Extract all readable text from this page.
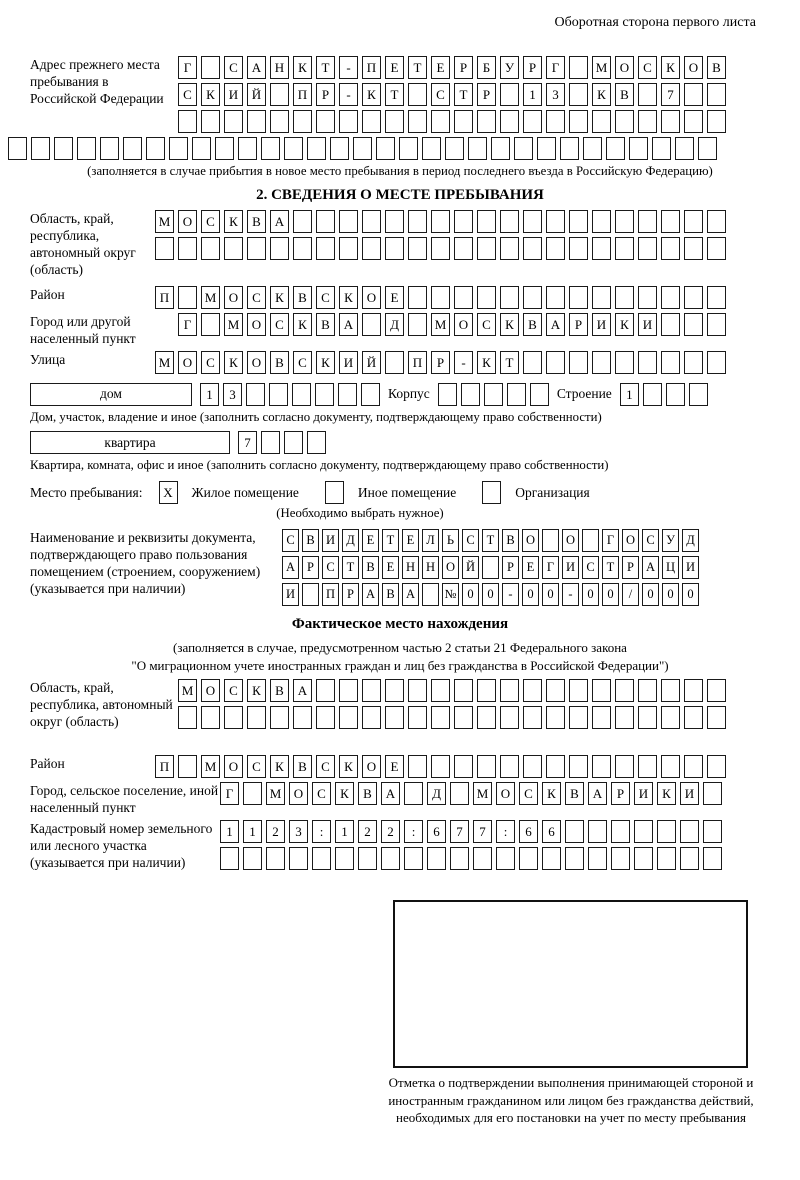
Оборотная сторона первого листа
Адрес прежнего места пребывания в Российской Федерации
Г	С	А	Н	К	Т	-	П	Е	Т	Е	Р	Б	У	Р	Г	М О	С	К	О	В
С	К	И	Й	П	Р	-	К	Т	С	Т	Р	1	3	К	В	7
(заполняется в случае прибытия в новое место пребывания в период последнего въезда в Российскую Федерацию)
2. СВЕДЕНИЯ О МЕСТЕ ПРЕБЫВАНИЯ
Область, край, республика, автономный округ (область)
М О	С	К	В	А
Район	П	М О	С	К	В	С	К	О	Е
Город или другой населенный пункт
Г	М О	С	К	В	А	Д	М О	С	К	В	А	Р	И	К	И
Улица	М О	С	К	О	В	С	К	И	Й	П	Р	-	К	Т
дом	1	3	Корпус	Строение	1
Дом, участок, владение и иное (заполнить согласно документу, подтверждающему право собственности)
квартира	7
Квартира, комната, офис и иное (заполнить согласно документу, подтверждающему право собственности)
Место пребывания:	X	Жилое помещение	Иное помещение	Организация
(Необходимо выбрать нужное)
Наименование и реквизиты документа, подтверждающего право пользования помещением (строением, сооружением) (указывается при наличии)
С В И Д Е Т Е Л Ь С Т В О	О	Г О С У Д
А Р С Т В Е Н Н О Й	Р	Е	Г И С Т	Р А Ц И
И	П Р А В А	№ 0	0	-	0	0	-	0	0	/	0	0	0
Фактическое место нахождения
(заполняется в случае, предусмотренном частью 2 статьи 21 Федерального закона
"О миграционном учете иностранных граждан и лиц без гражданства в Российской Федерации")
Область, край, республика, автономный округ (область)
М О	С	К	В	А
Район	П	М О	С	К	В	С	К	О	Е
Город, сельское поселение, иной населенный пункт
Г	М О	С	К	В	А	Д	М О	С	К	В	А	Р	И	К	И
Кадастровый номер земельного или лесного участка (указывается при наличии)
1	1	2	3	:	1	2	2	:	6	7	7	:	6	6
Отметка о подтверждении выполнения принимающей стороной и иностранным гражданином или лицом без гражданства действий, необходимых для его постановки на учет по месту пребывания
